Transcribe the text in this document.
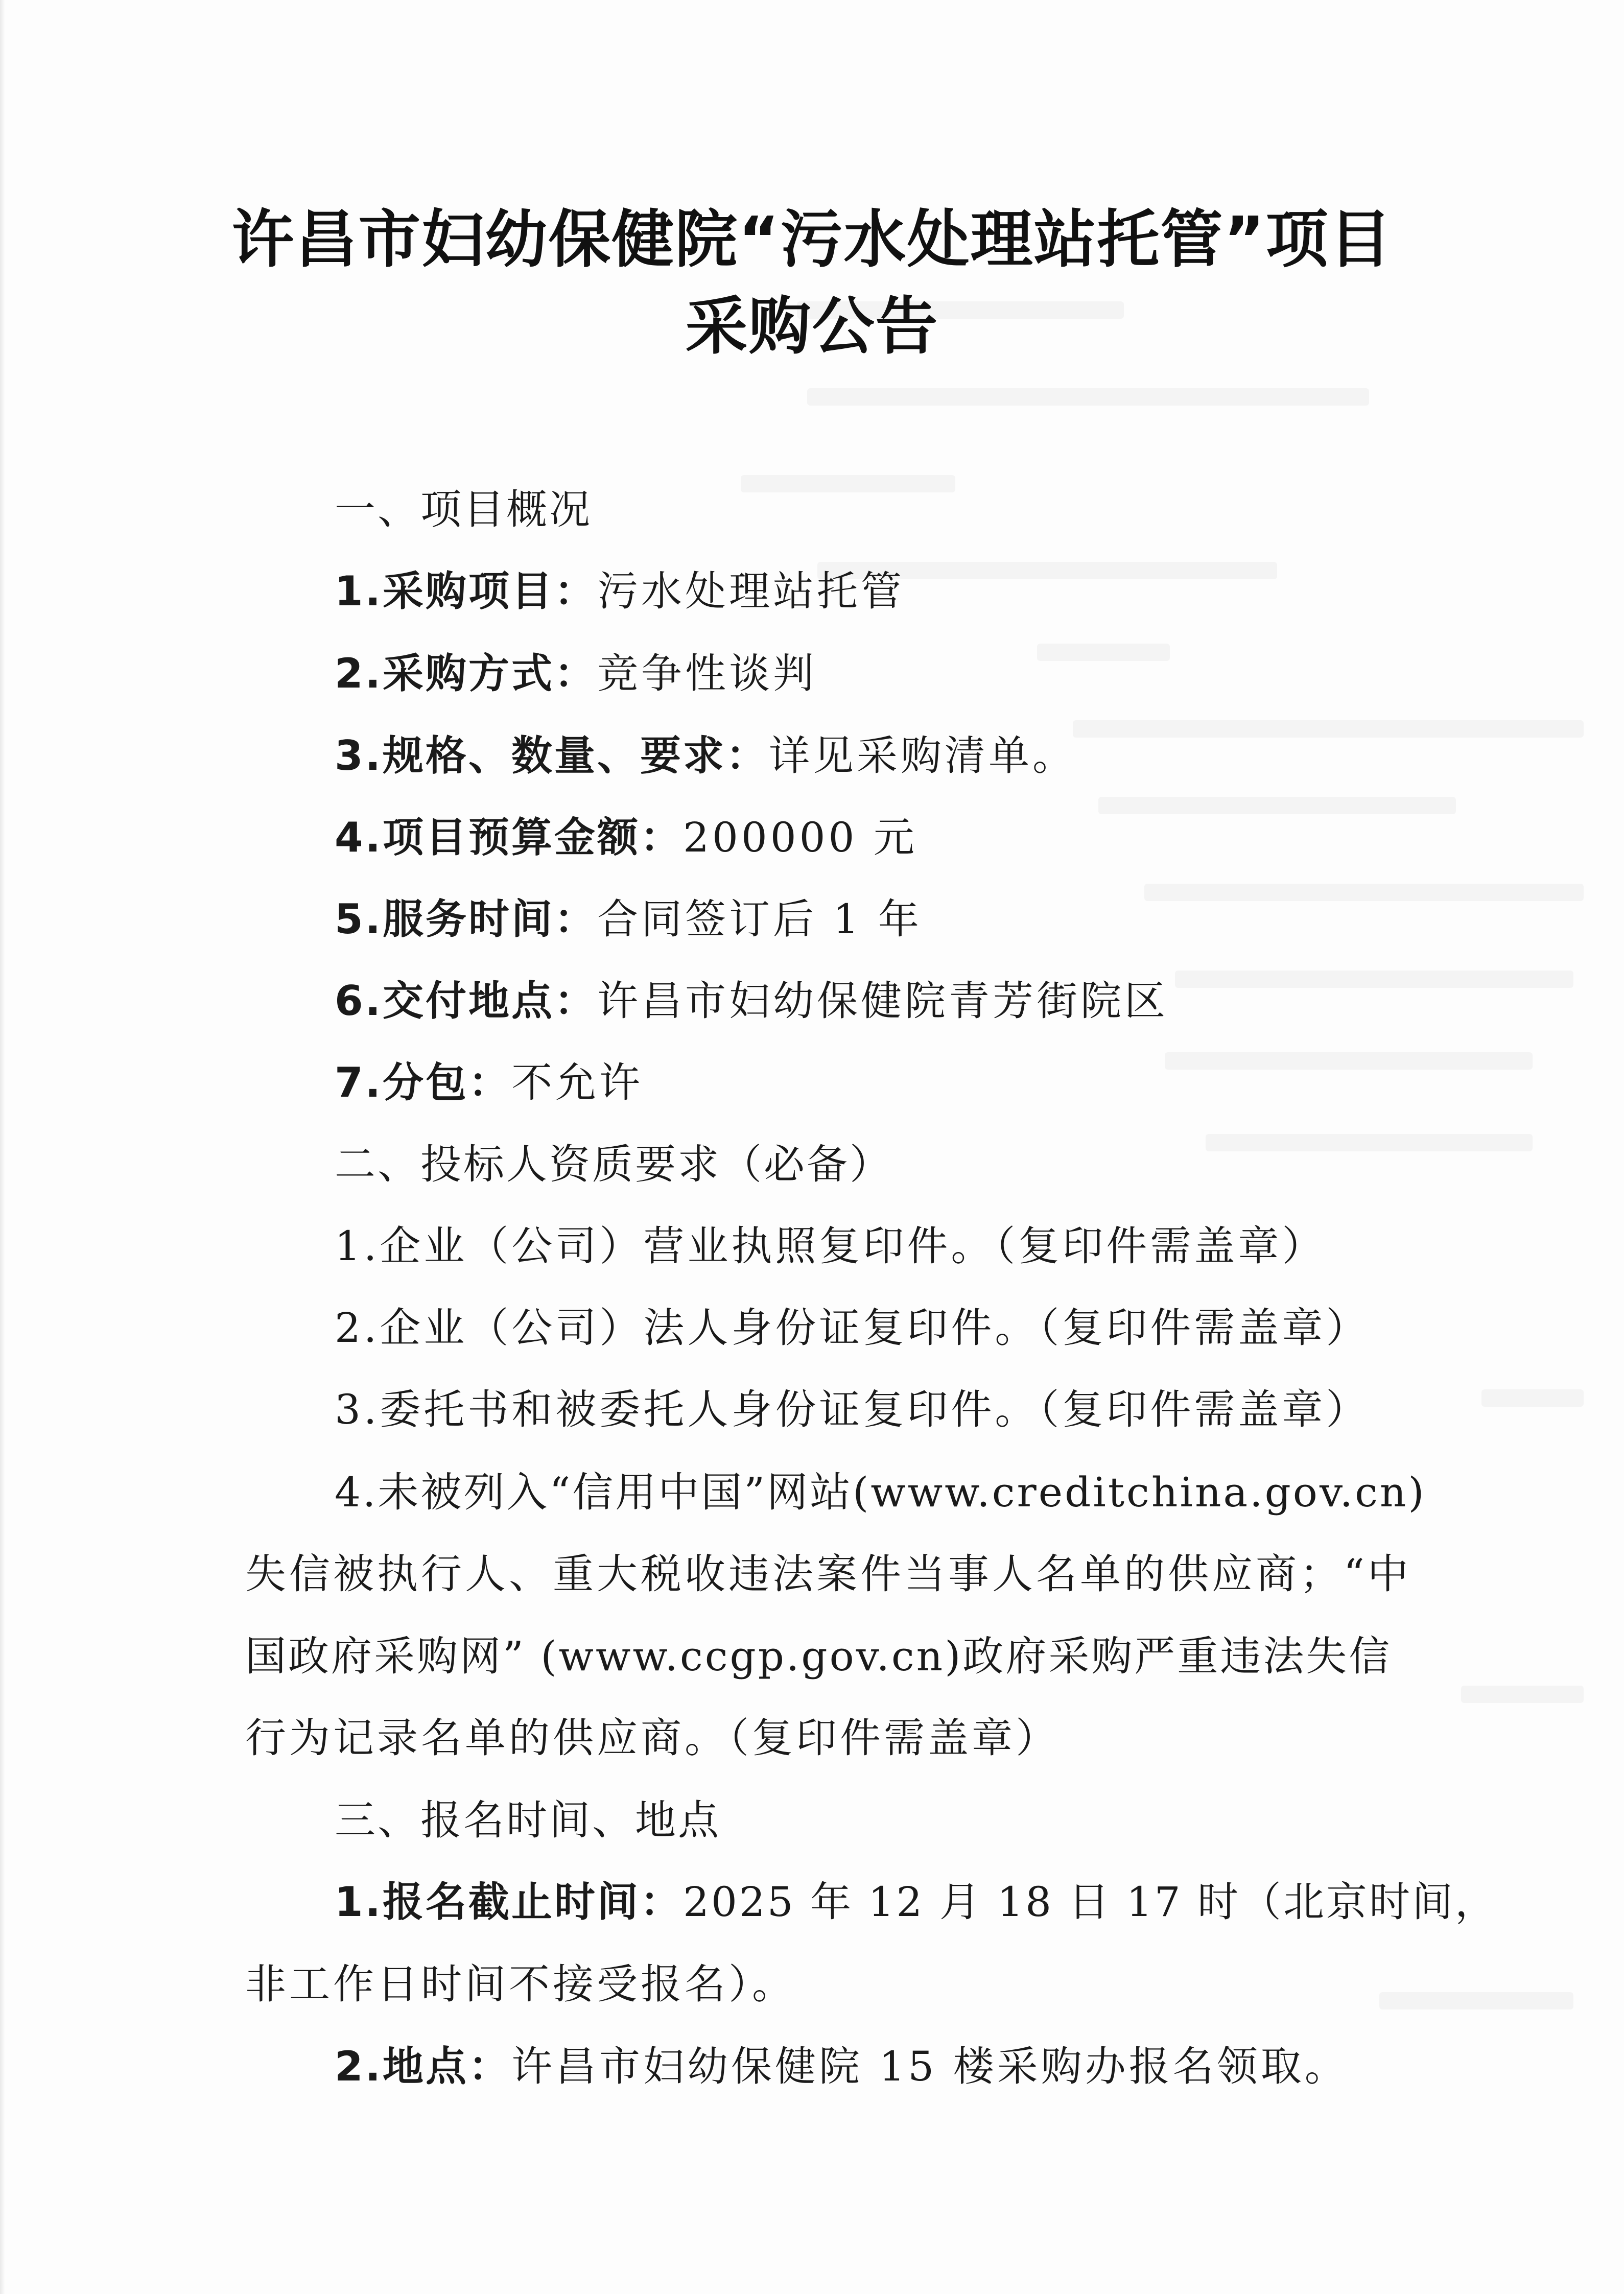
许昌市妇幼保健院“污水处理站托管”项目
采购公告
一、项目概况
1.采购项目：污水处理站托管
2.采购方式：竞争性谈判
3.规格、数量、要求：详见采购清单。
4.项目预算金额：200000 元
5.服务时间：合同签订后 1 年
6.交付地点：许昌市妇幼保健院青芳街院区
7.分包：不允许
二、投标人资质要求（必备）
1.企业（公司）营业执照复印件。（复印件需盖章）
2.企业（公司）法人身份证复印件。（复印件需盖章）
3.委托书和被委托人身份证复印件。（复印件需盖章）
4.未被列入“信用中国”网站(www.creditchina.gov.cn)
失信被执行人、重大税收违法案件当事人名单的供应商；“中
国政府采购网” (www.ccgp.gov.cn)政府采购严重违法失信
行为记录名单的供应商。（复印件需盖章）
三、报名时间、地点
1.报名截止时间：2025 年 12 月 18 日 17 时（北京时间，
非工作日时间不接受报名）。
2.地点：许昌市妇幼保健院 15 楼采购办报名领取。
